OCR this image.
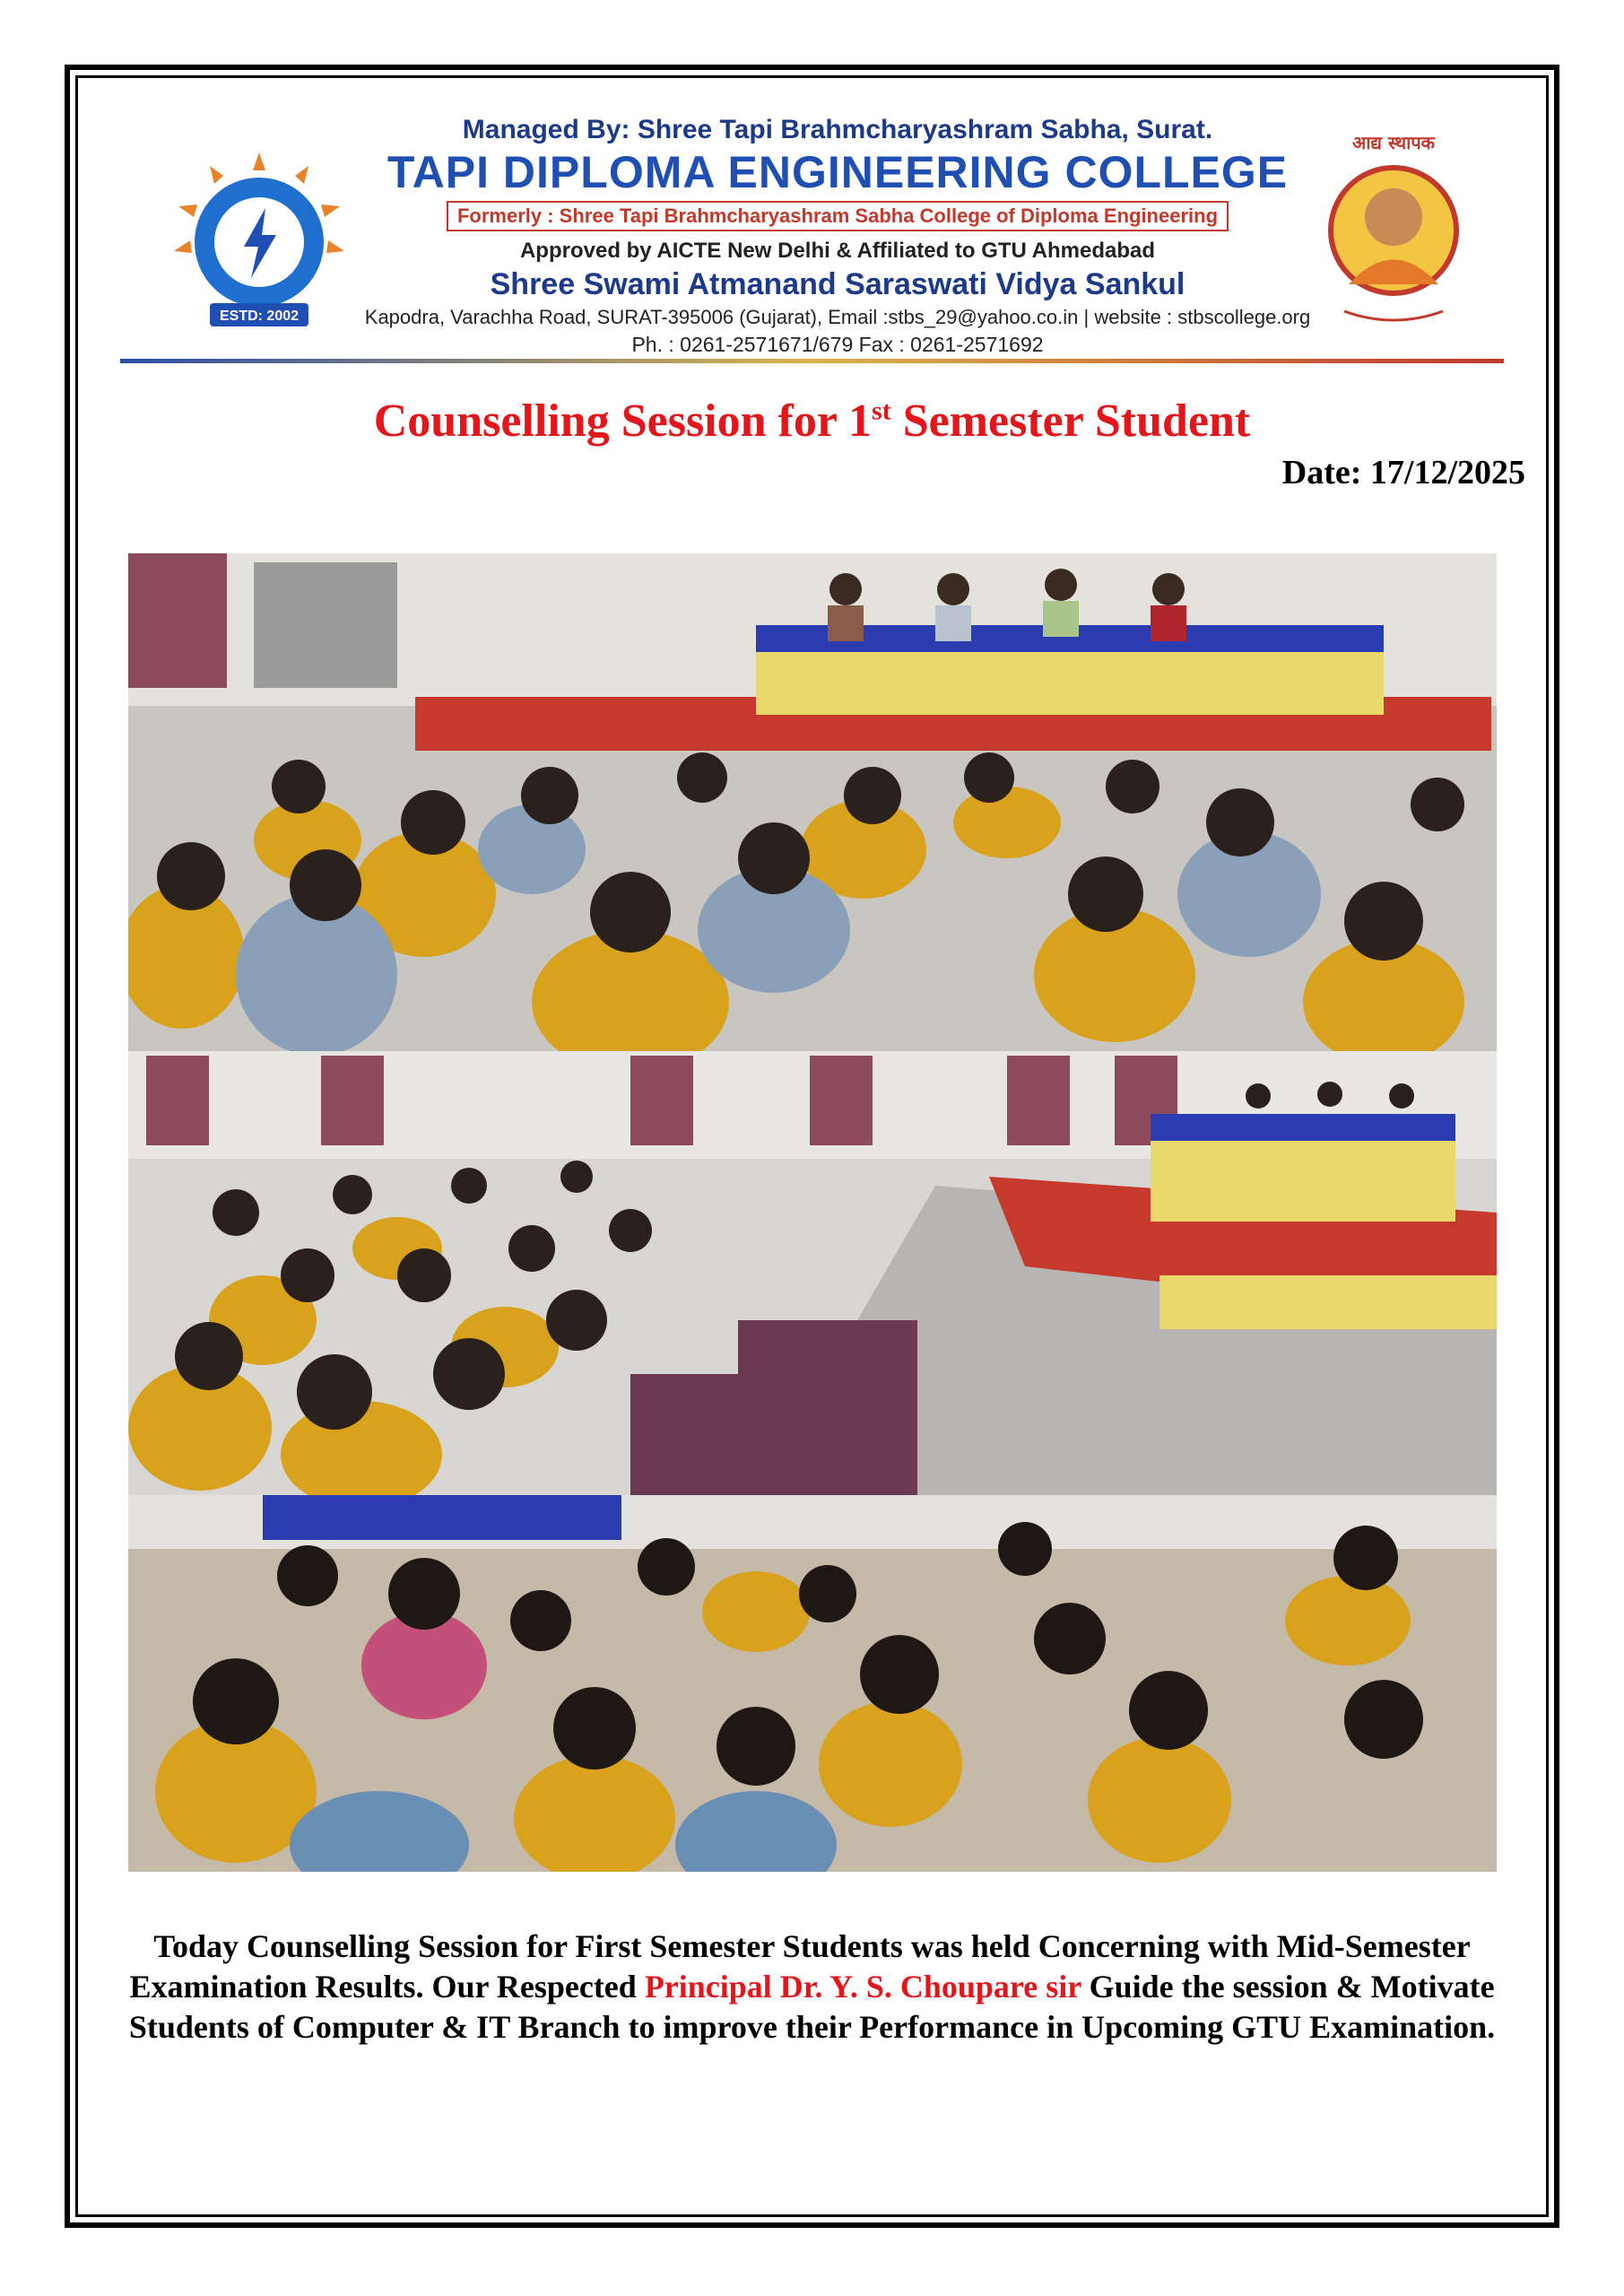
ESTD: 2002
Managed By: Shree Tapi Brahmcharyashram Sabha, Surat.
TAPI DIPLOMA ENGINEERING COLLEGE
Formerly : Shree Tapi Brahmcharyashram Sabha College of Diploma Engineering
Approved by AICTE New Delhi & Affiliated to GTU Ahmedabad
Shree Swami Atmanand Saraswati Vidya Sankul
Kapodra, Varachha Road, SURAT-395006 (Gujarat), Email :stbs_29@yahoo.co.in | website : stbscollege.org
Ph. : 0261-2571671/679 Fax : 0261-2571692
आद्य स्थापक
Counselling Session for 1st Semester Student
Date: 17/12/2025
Today Counselling Session for First Semester Students was held Concerning with Mid-Semester Examination Results. Our Respected Principal Dr. Y. S. Choupare sir Guide the session & Motivate Students of Computer & IT Branch to improve their Performance in Upcoming GTU Examination.
